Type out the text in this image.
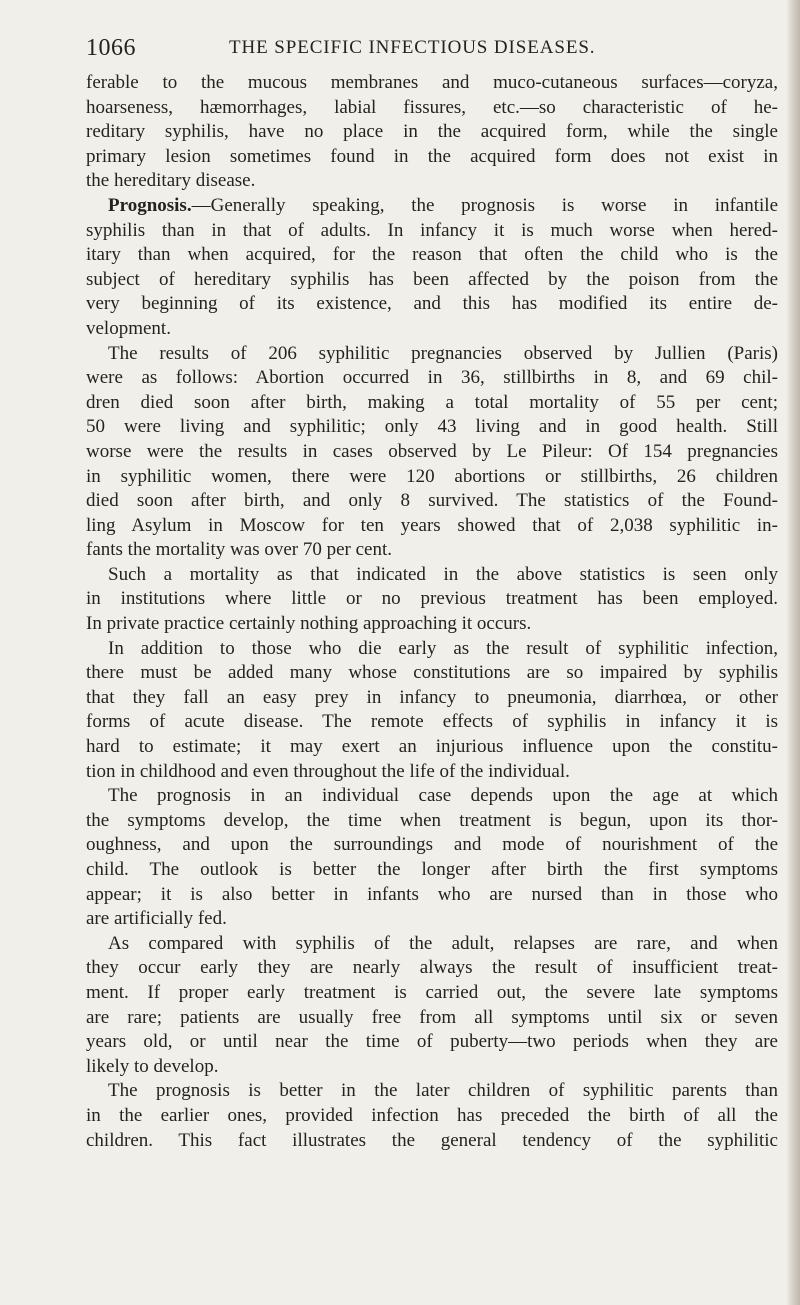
1066	THE SPECIFIC INFECTIOUS DISEASES.
ferable to the mucous membranes and muco-cutaneous surfaces—coryza,
hoarseness, hæmorrhages, labial fissures, etc.—so characteristic of he-
reditary syphilis, have no place in the acquired form, while the single
primary lesion sometimes found in the acquired form does not exist in
the hereditary disease.
Prognosis.—Generally speaking, the prognosis is worse in infantile
syphilis than in that of adults. In infancy it is much worse when hered-
itary than when acquired, for the reason that often the child who is the
subject of hereditary syphilis has been affected by the poison from the
very beginning of its existence, and this has modified its entire de-
velopment.
The results of 206 syphilitic pregnancies observed by Jullien (Paris)
were as follows: Abortion occurred in 36, stillbirths in 8, and 69 chil-
dren died soon after birth, making a total mortality of 55 per cent;
50 were living and syphilitic; only 43 living and in good health. Still
worse were the results in cases observed by Le Pileur: Of 154 pregnancies
in syphilitic women, there were 120 abortions or stillbirths, 26 children
died soon after birth, and only 8 survived. The statistics of the Found-
ling Asylum in Moscow for ten years showed that of 2,038 syphilitic in-
fants the mortality was over 70 per cent.
Such a mortality as that indicated in the above statistics is seen only
in institutions where little or no previous treatment has been employed.
In private practice certainly nothing approaching it occurs.
In addition to those who die early as the result of syphilitic infection,
there must be added many whose constitutions are so impaired by syphilis
that they fall an easy prey in infancy to pneumonia, diarrhœa, or other
forms of acute disease. The remote effects of syphilis in infancy it is
hard to estimate; it may exert an injurious influence upon the constitu-
tion in childhood and even throughout the life of the individual.
The prognosis in an individual case depends upon the age at which
the symptoms develop, the time when treatment is begun, upon its thor-
oughness, and upon the surroundings and mode of nourishment of the
child. The outlook is better the longer after birth the first symptoms
appear; it is also better in infants who are nursed than in those who
are artificially fed.
As compared with syphilis of the adult, relapses are rare, and when
they occur early they are nearly always the result of insufficient treat-
ment. If proper early treatment is carried out, the severe late symptoms
are rare; patients are usually free from all symptoms until six or seven
years old, or until near the time of puberty—two periods when they are
likely to develop.
The prognosis is better in the later children of syphilitic parents than
in the earlier ones, provided infection has preceded the birth of all the
children. This fact illustrates the general tendency of the syphilitic
